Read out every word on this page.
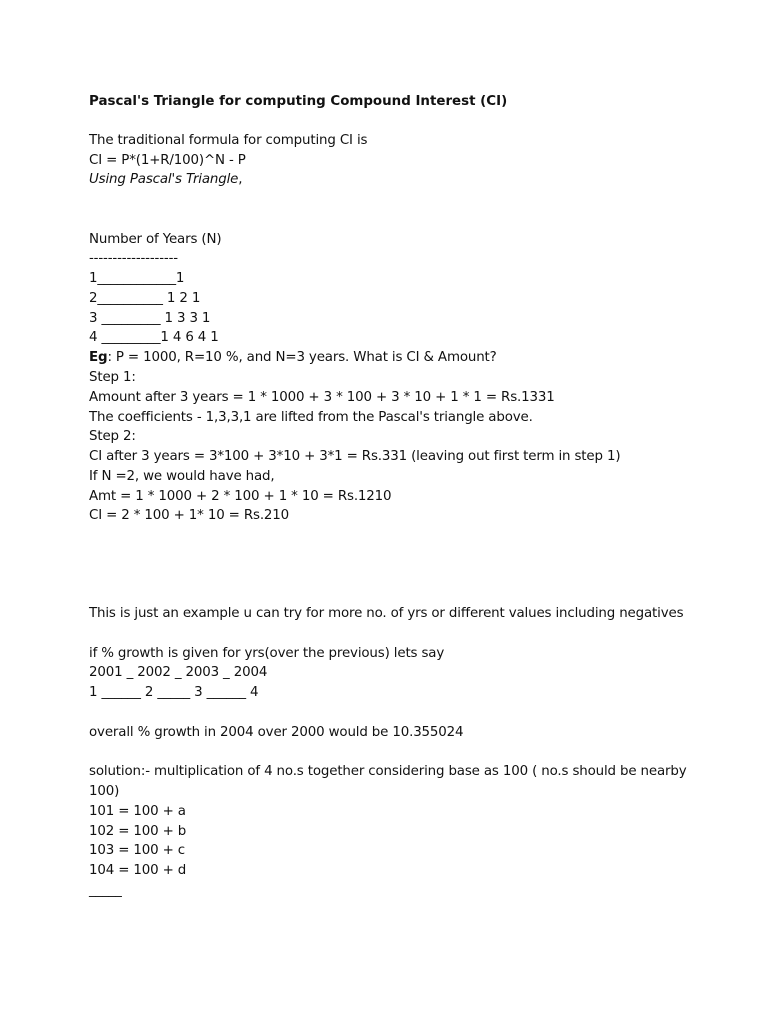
Pascal's Triangle for computing Compound Interest (CI)
The traditional formula for computing CI is
CI = P*(1+R/100)^N - P
Using Pascal's Triangle,
Number of Years (N)
-------------------
1____________1
2__________ 1 2 1
3 _________ 1 3 3 1
4 _________1 4 6 4 1
Eg: P = 1000, R=10 %, and N=3 years. What is CI & Amount?
Step 1:
Amount after 3 years = 1 * 1000 + 3 * 100 + 3 * 10 + 1 * 1 = Rs.1331
The coefficients - 1,3,3,1 are lifted from the Pascal's triangle above.
Step 2:
CI after 3 years = 3*100 + 3*10 + 3*1 = Rs.331 (leaving out first term in step 1)
If N =2, we would have had,
Amt = 1 * 1000 + 2 * 100 + 1 * 10 = Rs.1210
CI = 2 * 100 + 1* 10 = Rs.210
This is just an example u can try for more no. of yrs or different values including negatives
if % growth is given for yrs(over the previous) lets say
2001 _ 2002 _ 2003 _ 2004
1 ______ 2 _____ 3 ______ 4
overall % growth in 2004 over 2000 would be 10.355024
solution:- multiplication of 4 no.s together considering base as 100 ( no.s should be nearby
100)
101 = 100 + a
102 = 100 + b
103 = 100 + c
104 = 100 + d
_____
